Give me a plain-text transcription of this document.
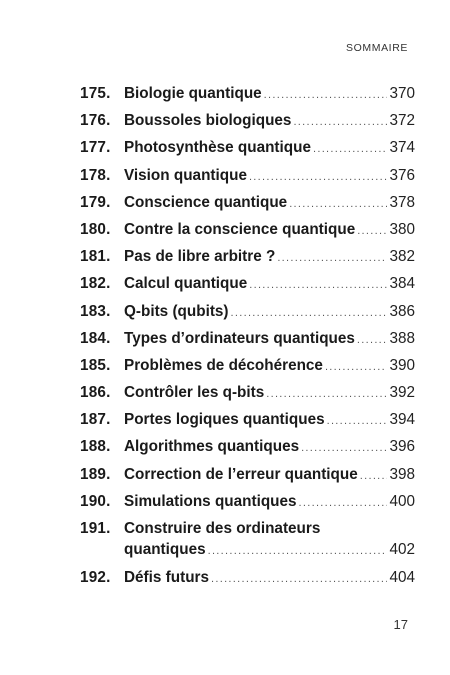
SOMMAIRE
175. Biologie quantique .....	370
176. Boussoles biologiques .....	372
177. Photosynthèse quantique .....	374
178. Vision quantique .....	376
179. Conscience quantique .....	378
180. Contre la conscience quantique ..... 380
181. Pas de libre arbitre ? .....	382
182. Calcul quantique .....	384
183. Q-bits (qubits) .....	386
184. Types d’ordinateurs quantiques ..... 388
185. Problèmes de décohérence .....	390
186. Contrôler les q-bits .....	392
187. Portes logiques quantiques .....	394
188. Algorithmes quantiques .....	396
189. Correction de l’erreur quantique ..... 398
190. Simulations quantiques .....	400
191. Construire des ordinateurs
quantiques .....	402
192. Défis futurs .....	404
17
